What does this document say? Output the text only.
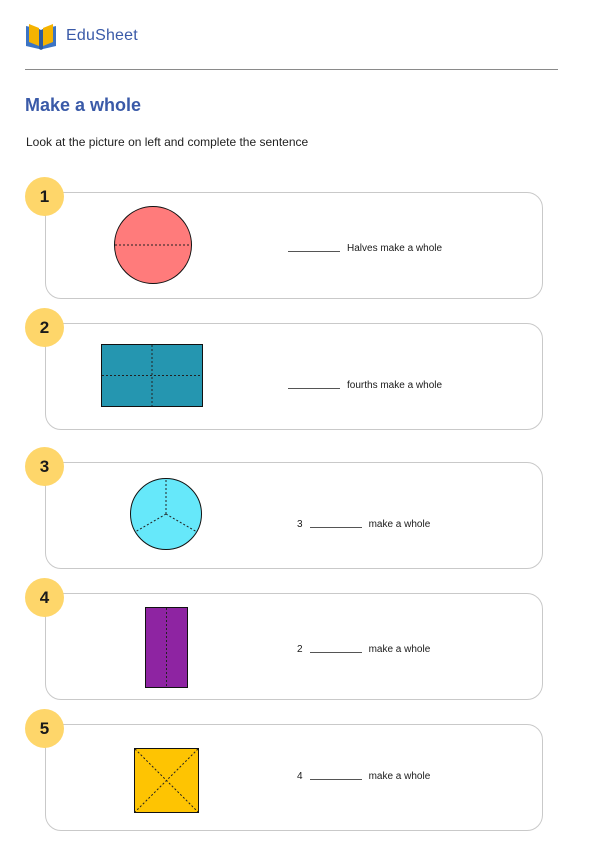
EduSheet
Make a whole
Look at the picture on left and complete the sentence
Halves make a whole
1
fourths make a whole
2
3	make a whole
3
2	make a whole
4
4	make a whole
5
